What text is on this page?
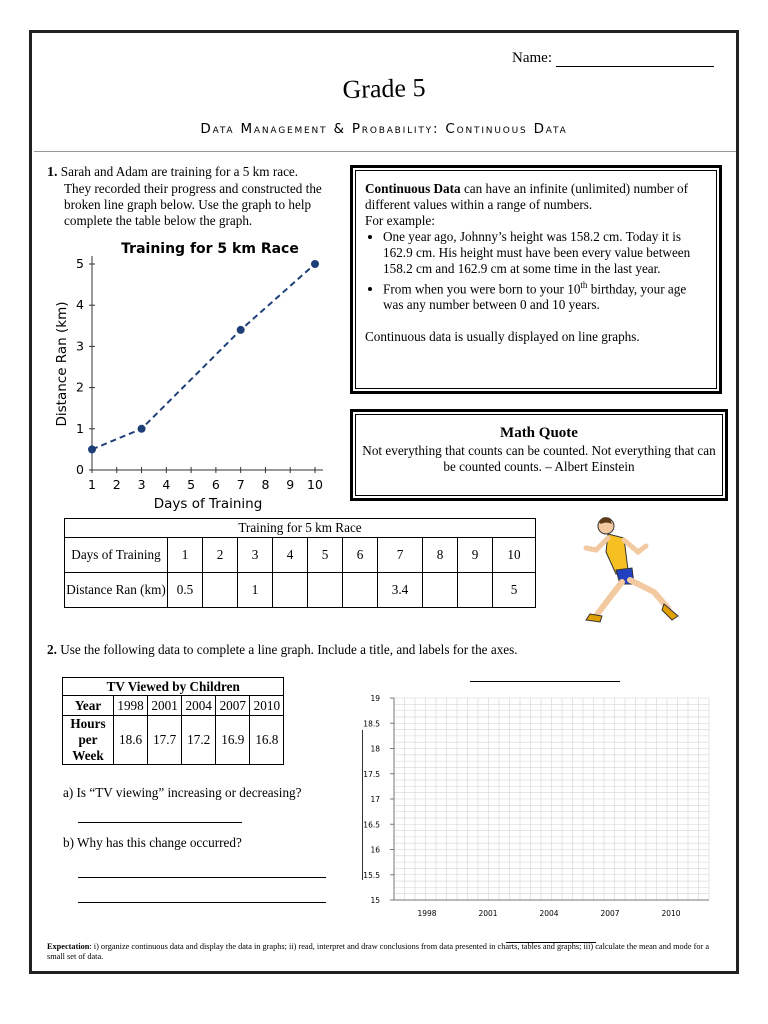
Name:
Grade 5
Data Management & Probability: Continuous Data
1. Sarah and Adam are training for a 5 km race.
They recorded their progress and constructed the broken line graph below. Use the graph to help complete the table below the graph.
Training for 5 km Race
Days of Training
Distance Ran (km)
1 2 3 4 5 6 7 8 9 10
0
1
2
3
4
5
Continuous Data can have an infinite (unlimited) number of different values within a range of numbers.
For example:
• One year ago, Johnny’s height was 158.2 cm. Today it is 162.9 cm. His height must have been every value between 158.2 cm and 162.9 cm at some time in the last year.
• From when you were born to your 10th birthday, your age was any number between 0 and 10 years.
Continuous data is usually displayed on line graphs.
Math Quote
Not everything that counts can be counted. Not everything that can be counted counts. – Albert Einstein
Training for 5 km Race										
Days of Training	1	2	3	4	5	6	7	8	9	10
Distance Ran (km)	0.5		1				3.4			5
2. Use the following data to complete a line graph. Include a title, and labels for the axes.
TV Viewed by Children					
Year	1998	2001	2004	2007	2010
Hours per Week	18.6	17.7	17.2	16.9	16.8
a) Is “TV viewing” increasing or decreasing?
b) Why has this change occurred?
19
18.5
18
17.5
17
16.5
16
15.5
15
1998	2001	2004	2007	2010
Expectation: i) organize continuous data and display the data in graphs; ii) read, interpret and draw conclusions from data presented in charts, tables and graphs; iii) calculate the mean and mode for a small set of data.
